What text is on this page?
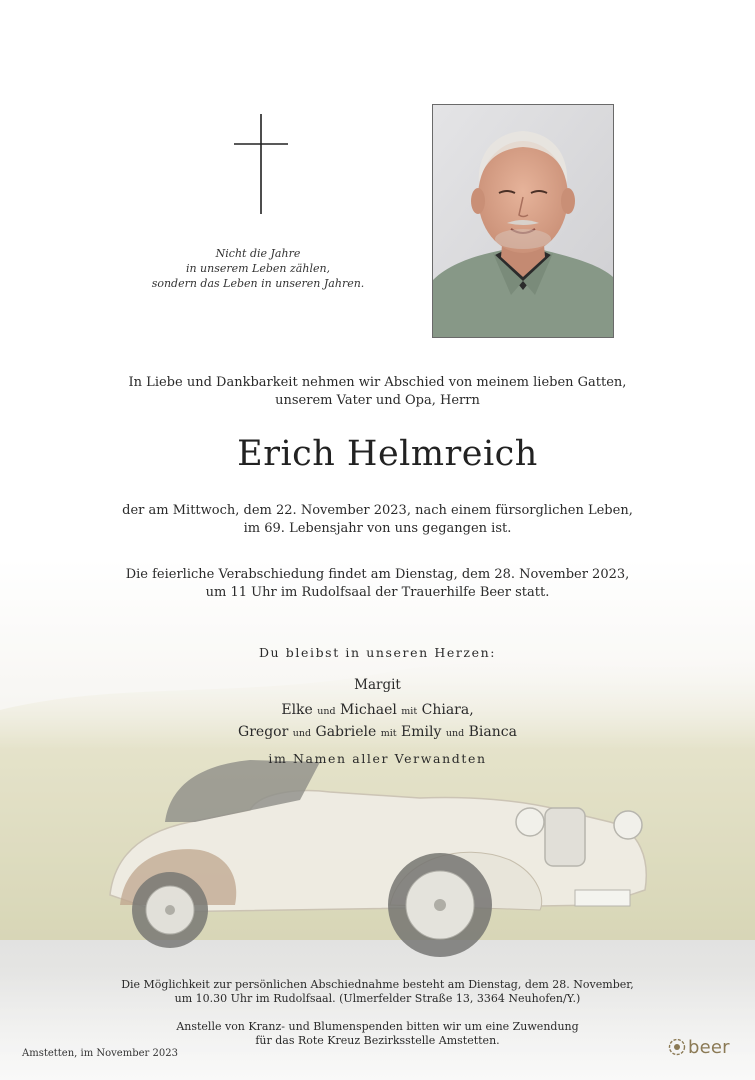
Nicht die Jahre
in unserem Leben zählen,
sondern das Leben in unseren Jahren.
In Liebe und Dankbarkeit nehmen wir Abschied von meinem lieben Gatten,
unserem Vater und Opa, Herrn
Erich Helmreich
der am Mittwoch, dem 22. November 2023, nach einem fürsorglichen Leben,
im 69. Lebensjahr von uns gegangen ist.
Die feierliche Verabschiedung findet am Dienstag, dem 28. November 2023,
um 11 Uhr im Rudolfsaal der Trauerhilfe Beer statt.
Du bleibst in unseren Herzen:
Margit
Elke und Michael mit Chiara,
Gregor und Gabriele mit Emily und Bianca
im Namen aller Verwandten
Die Möglichkeit zur persönlichen Abschiednahme besteht am Dienstag, dem 28. November,
um 10.30 Uhr im Rudolfsaal. (Ulmerfelder Straße 13, 3364 Neuhofen/Y.)
Anstelle von Kranz- und Blumenspenden bitten wir um eine Zuwendung
für das Rote Kreuz Bezirksstelle Amstetten.
Amstetten, im November 2023	beer
